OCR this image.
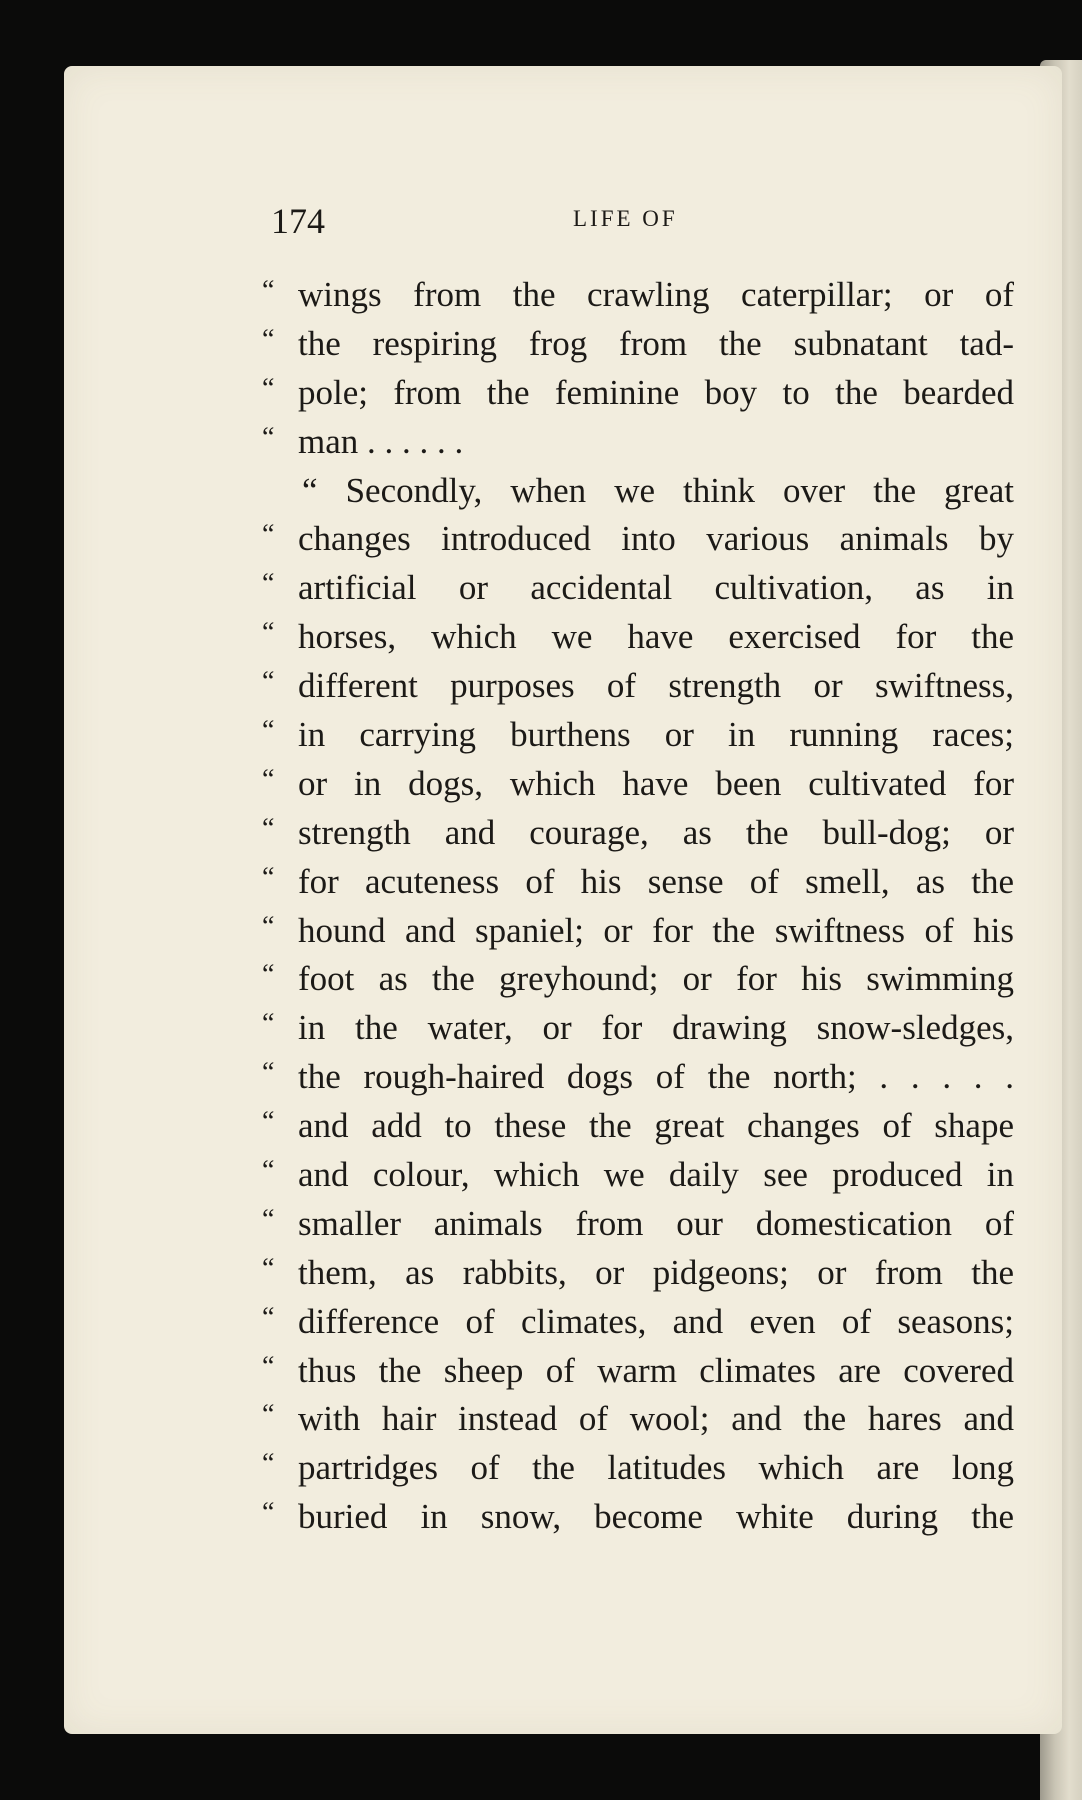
174	LIFE OF
“ wings from the crawling caterpillar; or of
“ the respiring frog from the subnatant tad-
“ pole; from the feminine boy to the bearded
“ man . . . . . .
“ Secondly, when we think over the great
“ changes introduced into various animals by
“ artificial or accidental cultivation, as in
“ horses, which we have exercised for the
“ different purposes of strength or swiftness,
“ in carrying burthens or in running races;
“ or in dogs, which have been cultivated for
“ strength and courage, as the bull-dog; or
“ for acuteness of his sense of smell, as the
“ hound and spaniel; or for the swiftness of his
“ foot as the greyhound; or for his swimming
“ in the water, or for drawing snow-sledges,
“ the rough-haired dogs of the north; . . . . .
“ and add to these the great changes of shape
“ and colour, which we daily see produced in
“ smaller animals from our domestication of
“ them, as rabbits, or pidgeons; or from the
“ difference of climates, and even of seasons;
“ thus the sheep of warm climates are covered
“ with hair instead of wool; and the hares and
“ partridges of the latitudes which are long
“ buried in snow, become white during the
